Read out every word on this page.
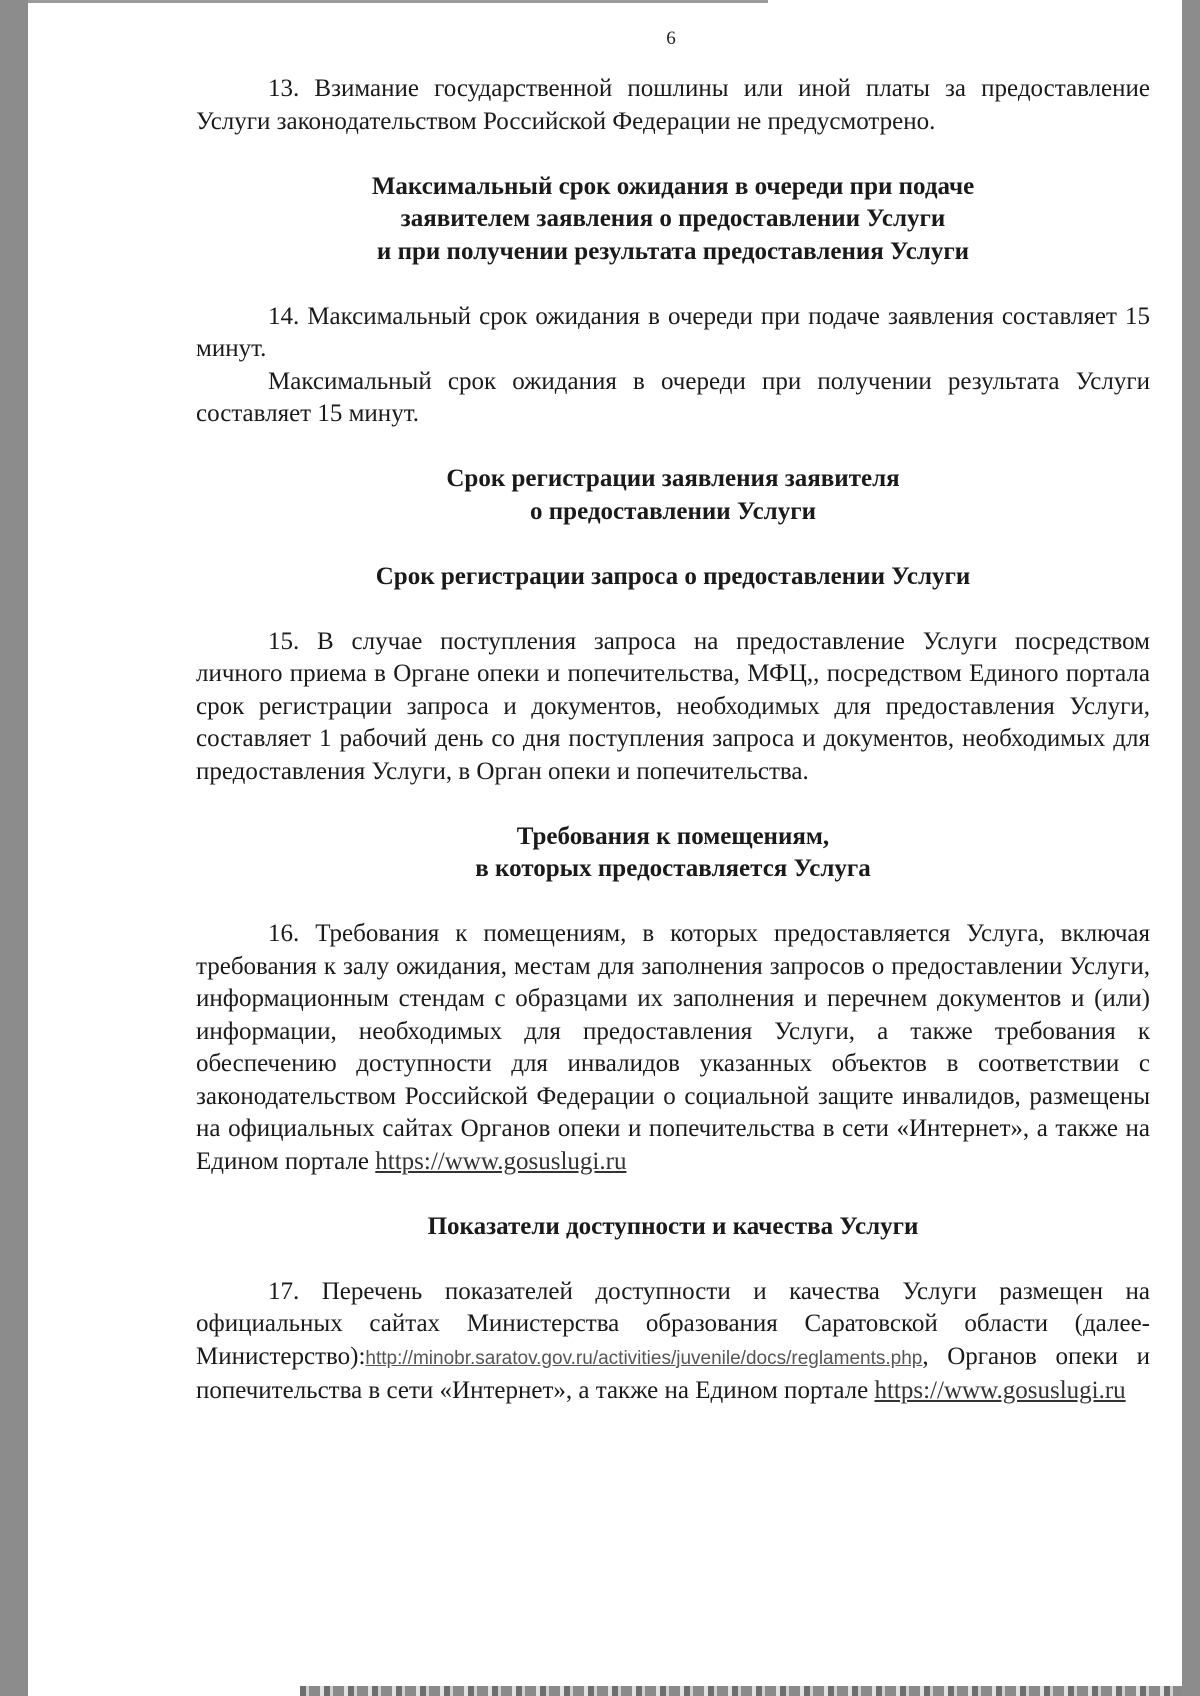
6

13. Взимание государственной пошлины или иной платы за предоставление Услуги законодательством Российской Федерации не предусмотрено.

Максимальный срок ожидания в очереди при подаче

заявителем заявления о предоставлении Услуги

и при получении результата предоставления Услуги

14. Максимальный срок ожидания в очереди при подаче заявления составляет 15 минут.

Максимальный срок ожидания в очереди при получении результата Услуги составляет 15 минут.

Срок регистрации заявления заявителя

о предоставлении Услуги

Срок регистрации запроса о предоставлении Услуги

15. В случае поступления запроса на предоставление Услуги посредством личного приема в Органе опеки и попечительства, МФЦ,, посредством Единого портала срок регистрации запроса и документов, необходимых для предоставления Услуги, составляет 1 рабочий день со дня поступления запроса и документов, необходимых для предоставления Услуги, в Орган опеки и попечительства.

Требования к помещениям,

в которых предоставляется Услуга

16. Требования к помещениям, в которых предоставляется Услуга, включая требования к залу ожидания, местам для заполнения запросов о предоставлении Услуги, информационным стендам с образцами их заполнения и перечнем документов и (или) информации, необходимых для предоставления Услуги, а также требования к обеспечению доступности для инвалидов указанных объектов в соответствии с законодательством Российской Федерации о социальной защите инвалидов, размещены на официальных сайтах Органов опеки и попечительства в сети «Интернет», а также на Едином портале https://www.gosuslugi.ru

Показатели доступности и качества Услуги

17. Перечень показателей доступности и качества Услуги размещен на официальных сайтах Министерства образования Саратовской области (далее-Министерство):http://minobr.saratov.gov.ru/activities/juvenile/docs/reglaments.php, Органов опеки и попечительства в сети «Интернет», а также на Едином портале https://www.gosuslugi.ru
